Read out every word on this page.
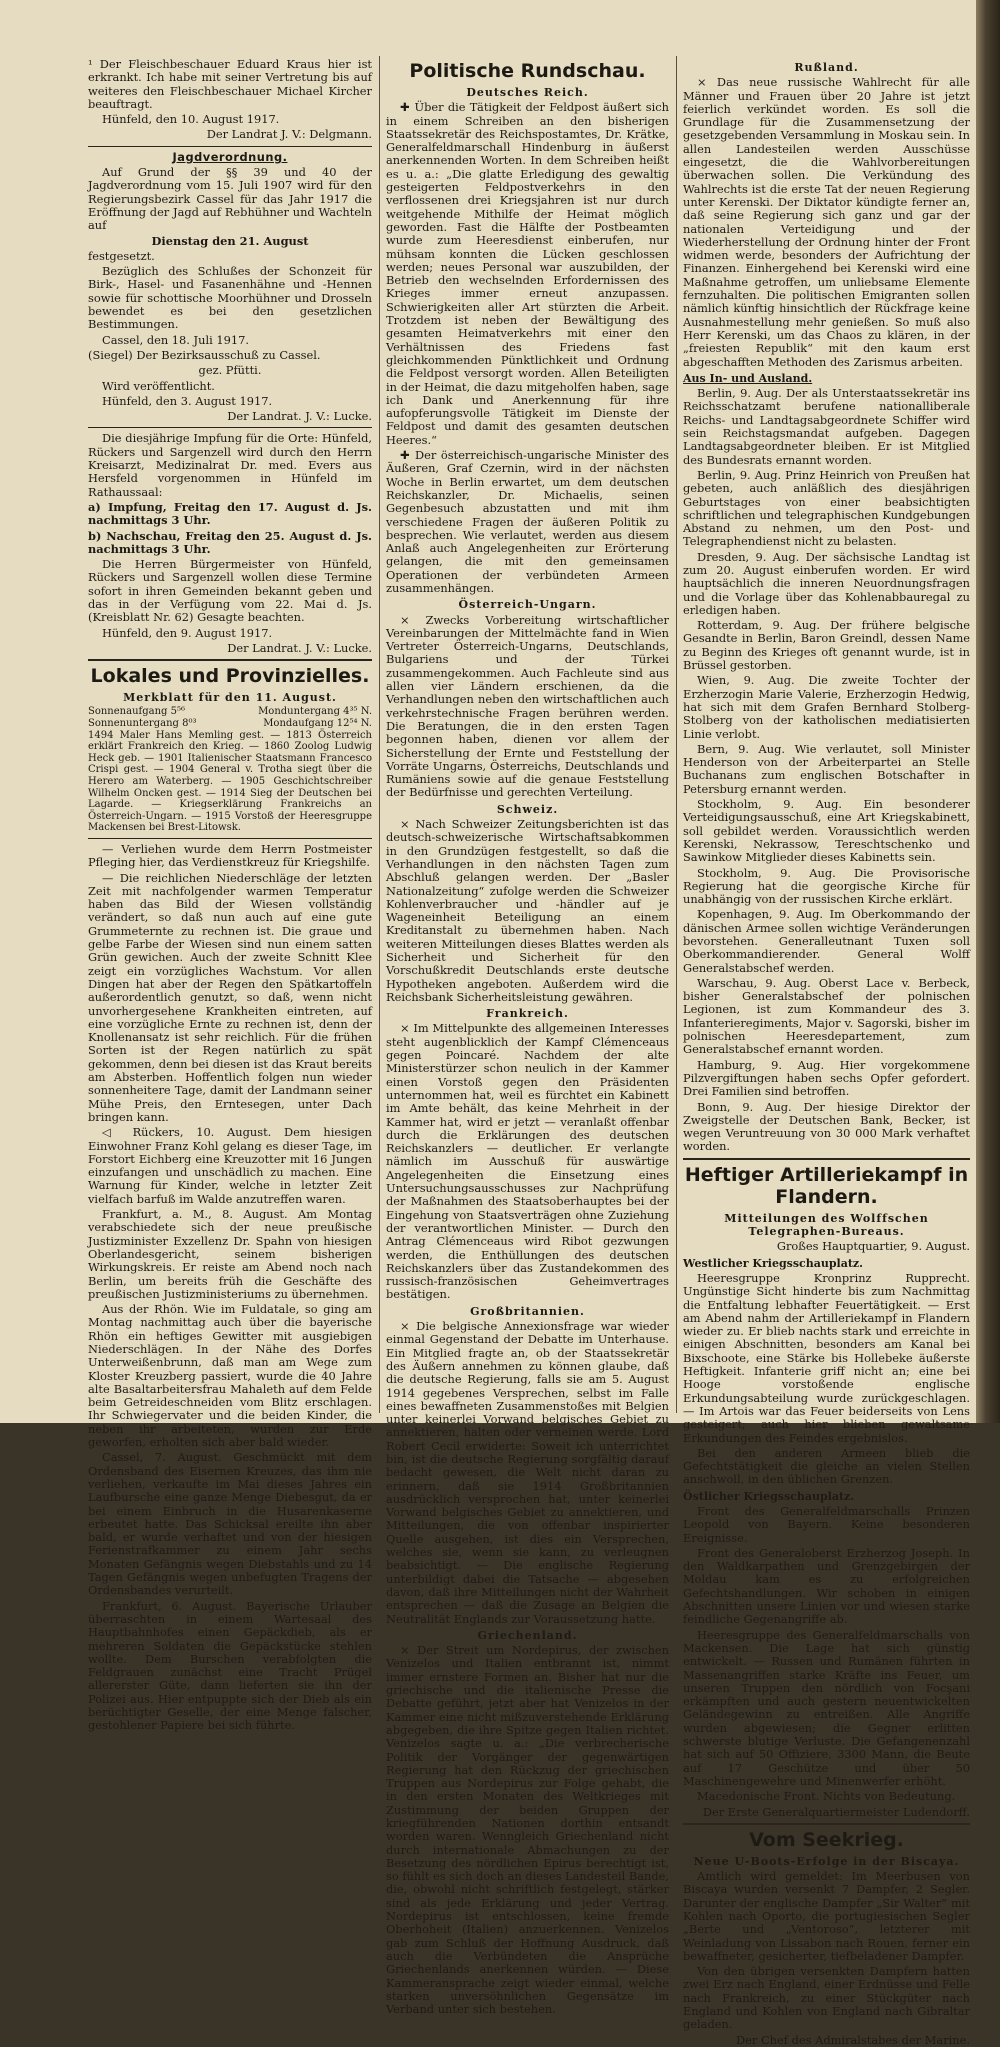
¹ Der Fleischbeschauer Eduard Kraus hier ist erkrankt. Ich habe mit seiner Vertretung bis auf weiteres den Fleischbeschauer Michael Kircher beauftragt.

Hünfeld, den 10. August 1917.

Der Landrat J. V.: Delgmann.

Jagdverordnung.

Auf Grund der §§ 39 und 40 der Jagdverordnung vom 15. Juli 1907 wird für den Regierungsbezirk Cassel für das Jahr 1917 die Eröffnung der Jagd auf Rebhühner und Wachteln auf

Dienstag den 21. August

festgesetzt.

Bezüglich des Schlußes der Schonzeit für Birk-, Hasel- und Fasanenhähne und -Hennen sowie für schottische Moorhühner und Drosseln bewendet es bei den gesetzlichen Bestimmungen.

Cassel, den 18. Juli 1917.

(Siegel) Der Bezirksausschuß zu Cassel.

gez. Pfütti.

Wird veröffentlicht.

Hünfeld, den 3. August 1917.

Der Landrat. J. V.: Lucke.

Die diesjährige Impfung für die Orte: Hünfeld, Rückers und Sargenzell wird durch den Herrn Kreisarzt, Medizinalrat Dr. med. Evers aus Hersfeld vorgenommen in Hünfeld im Rathaussaal:

a) Impfung, Freitag den 17. August d. Js. nachmittags 3 Uhr.

b) Nachschau, Freitag den 25. August d. Js. nachmittags 3 Uhr.

Die Herren Bürgermeister von Hünfeld, Rückers und Sargenzell wollen diese Termine sofort in ihren Gemeinden bekannt geben und das in der Verfügung vom 22. Mai d. Js. (Kreisblatt Nr. 62) Gesagte beachten.

Hünfeld, den 9. August 1917.

Der Landrat. J. V.: Lucke.

Lokales und Provinzielles.
Merkblatt für den 11. August.
Sonnenaufgang 5⁵⁶	Monduntergang 4³⁵ N.
Sonnenuntergang 8⁰³	Mondaufgang 12⁵⁴ N.

1494 Maler Hans Memling gest. — 1813 Österreich erklärt Frankreich den Krieg. — 1860 Zoolog Ludwig Heck geb. — 1901 Italienischer Staatsmann Francesco Crispi gest. — 1904 General v. Trotha siegt über die Herero am Waterberg. — 1905 Geschichtschreiber Wilhelm Oncken gest. — 1914 Sieg der Deutschen bei Lagarde. — Kriegserklärung Frankreichs an Österreich-Ungarn. — 1915 Vorstoß der Heeresgruppe Mackensen bei Brest-Litowsk.

— Verliehen wurde dem Herrn Postmeister Pfleging hier, das Verdienstkreuz für Kriegshilfe.

— Die reichlichen Niederschläge der letzten Zeit mit nachfolgender warmen Temperatur haben das Bild der Wiesen vollständig verändert, so daß nun auch auf eine gute Grummeternte zu rechnen ist. Die graue und gelbe Farbe der Wiesen sind nun einem satten Grün gewichen. Auch der zweite Schnitt Klee zeigt ein vorzügliches Wachstum. Vor allen Dingen hat aber der Regen den Spätkartoffeln außerordentlich genutzt, so daß, wenn nicht unvorhergesehene Krankheiten eintreten, auf eine vorzügliche Ernte zu rechnen ist, denn der Knollenansatz ist sehr reichlich. Für die frühen Sorten ist der Regen natürlich zu spät gekommen, denn bei diesen ist das Kraut bereits am Absterben. Hoffentlich folgen nun wieder sonnenheitere Tage, damit der Landmann seiner Mühe Preis, den Erntesegen, unter Dach bringen kann.

◁ Rückers, 10. August. Dem hiesigen Einwohner Franz Kohl gelang es dieser Tage, im Forstort Eichberg eine Kreuzotter mit 16 Jungen einzufangen und unschädlich zu machen. Eine Warnung für Kinder, welche in letzter Zeit vielfach barfuß im Walde anzutreffen waren.

Frankfurt, a. M., 8. August. Am Montag verabschiedete sich der neue preußische Justizminister Exzellenz Dr. Spahn von hiesigen Oberlandesgericht, seinem bisherigen Wirkungskreis. Er reiste am Abend noch nach Berlin, um bereits früh die Geschäfte des preußischen Justizministeriums zu übernehmen.

Aus der Rhön. Wie im Fuldatale, so ging am Montag nachmittag auch über die bayerische Rhön ein heftiges Gewitter mit ausgiebigen Niederschlägen. In der Nähe des Dorfes Unterweißenbrunn, daß man am Wege zum Kloster Kreuzberg passiert, wurde die 40 Jahre alte Basaltarbeitersfrau Mahaleth auf dem Felde beim Getreideschneiden vom Blitz erschlagen. Ihr Schwiegervater und die beiden Kinder, die neben ihr arbeiteten, wurden zur Erde geworfen, erholten sich aber bald wieder.

Cassel, 7. August. Geschmückt mit dem Ordensband des Eisernen Kreuzes, das ihm nie verliehen, verkaufte im Mai dieses Jahres ein Laufbursche eine ganze Menge Diebesgut, da er bei einem Einbruch in die Husarenkaserne erbeutet hatte. Das Schicksal ereilte ihn aber bald, er wurde verhaftet und von der hiesigen Ferienstrafkammer zu einem Jahr sechs Monaten Gefängnis wegen Diebstahls und zu 14 Tagen Gefängnis wegen unbefugten Tragens der Ordensbandes verurteilt.

Frankfurt, 6. August. Bayerische Urlauber überraschten in einem Wartesaal des Hauptbahnhofes einen Gepäckdieb, als er mehreren Soldaten die Gepäckstücke stehlen wollte. Dem Burschen verabfolgten die Feldgrauen zunächst eine Tracht Prügel allererster Güte, dann lieferten sie ihn der Polizei aus. Hier entpuppte sich der Dieb als ein berüchtigter Geselle, der eine Menge falscher, gestohlener Papiere bei sich führte.

Politische Rundschau.
Deutsches Reich.

✚ Über die Tätigkeit der Feldpost äußert sich in einem Schreiben an den bisherigen Staatssekretär des Reichspostamtes, Dr. Krätke, Generalfeldmarschall Hindenburg in äußerst anerkennenden Worten. In dem Schreiben heißt es u. a.: „Die glatte Erledigung des gewaltig gesteigerten Feldpostverkehrs in den verflossenen drei Kriegsjahren ist nur durch weitgehende Mithilfe der Heimat möglich geworden. Fast die Hälfte der Postbeamten wurde zum Heeresdienst einberufen, nur mühsam konnten die Lücken geschlossen werden; neues Personal war auszubilden, der Betrieb den wechselnden Erfordernissen des Krieges immer erneut anzupassen. Schwierigkeiten aller Art stürzten die Arbeit. Trotzdem ist neben der Bewältigung des gesamten Heimatverkehrs mit einer den Verhältnissen des Friedens fast gleichkommenden Pünktlichkeit und Ordnung die Feldpost versorgt worden. Allen Beteiligten in der Heimat, die dazu mitgeholfen haben, sage ich Dank und Anerkennung für ihre aufopferungsvolle Tätigkeit im Dienste der Feldpost und damit des gesamten deutschen Heeres.“

✚ Der österreichisch-ungarische Minister des Äußeren, Graf Czernin, wird in der nächsten Woche in Berlin erwartet, um dem deutschen Reichskanzler, Dr. Michaelis, seinen Gegenbesuch abzustatten und mit ihm verschiedene Fragen der äußeren Politik zu besprechen. Wie verlautet, werden aus diesem Anlaß auch Angelegenheiten zur Erörterung gelangen, die mit den gemeinsamen Operationen der verbündeten Armeen zusammenhängen.

Österreich-Ungarn.

× Zwecks Vorbereitung wirtschaftlicher Vereinbarungen der Mittelmächte fand in Wien Vertreter Österreich-Ungarns, Deutschlands, Bulgariens und der Türkei zusammengekommen. Auch Fachleute sind aus allen vier Ländern erschienen, da die Verhandlungen neben den wirtschaftlichen auch verkehrstechnische Fragen berühren werden. Die Beratungen, die in den ersten Tagen begonnen haben, dienen vor allem der Sicherstellung der Ernte und Feststellung der Vorräte Ungarns, Österreichs, Deutschlands und Rumäniens sowie auf die genaue Feststellung der Bedürfnisse und gerechten Verteilung.

Schweiz.

× Nach Schweizer Zeitungsberichten ist das deutsch-schweizerische Wirtschaftsabkommen in den Grundzügen festgestellt, so daß die Verhandlungen in den nächsten Tagen zum Abschluß gelangen werden. Der „Basler Nationalzeitung“ zufolge werden die Schweizer Kohlenverbraucher und -händler auf je Wageneinheit Beteiligung an einem Kreditanstalt zu übernehmen haben. Nach weiteren Mitteilungen dieses Blattes werden als Sicherheit und Sicherheit für den Vorschußkredit Deutschlands erste deutsche Hypotheken angeboten. Außerdem wird die Reichsbank Sicherheitsleistung gewähren.

Frankreich.

× Im Mittelpunkte des allgemeinen Interesses steht augenblicklich der Kampf Clémenceaus gegen Poincaré. Nachdem der alte Ministerstürzer schon neulich in der Kammer einen Vorstoß gegen den Präsidenten unternommen hat, weil es fürchtet ein Kabinett im Amte behält, das keine Mehrheit in der Kammer hat, wird er jetzt — veranlaßt offenbar durch die Erklärungen des deutschen Reichskanzlers — deutlicher. Er verlangte nämlich im Ausschuß für auswärtige Angelegenheiten die Einsetzung eines Untersuchungsausschusses zur Nachprüfung der Maßnahmen des Staatsoberhauptes bei der Eingehung von Staatsverträgen ohne Zuziehung der verantwortlichen Minister. — Durch den Antrag Clémenceaus wird Ribot gezwungen werden, die Enthüllungen des deutschen Reichskanzlers über das Zustandekommen des russisch-französischen Geheimvertrages bestätigen.

Großbritannien.

× Die belgische Annexionsfrage war wieder einmal Gegenstand der Debatte im Unterhause. Ein Mitglied fragte an, ob der Staatssekretär des Äußern annehmen zu können glaube, daß die deutsche Regierung, falls sie am 5. August 1914 gegebenes Versprechen, selbst im Falle eines bewaffneten Zusammenstoßes mit Belgien unter keinerlei Vorwand belgisches Gebiet zu annektieren, halten oder verneinen werde. Lord Robert Cecil erwiderte: Soweit ich unterrichtet bin, ist die deutsche Regierung sorgfältig darauf bedacht gewesen, die Welt nicht daran zu erinnern, daß sie 1914 Großbritannien ausdrücklich versprochen hat, unter keinerlei Vorwand belgisches Gebiet zu annektieren, und Mitteilungen, die von offenbar inspirierter Quelle ausgehen, ist dies ein Versprechen, welches sie, wenn sie kann, zu verleugnen beabsichtigt. — Die englische Regierung unterbildigt dabei die Tatsache — abgesehen davon, daß ihre Mitteilungen nicht der Wahrheit entsprechen — daß die Zusage an Belgien die Neutralität Englands zur Voraussetzung hatte.

Griechenland.

× Der Streit um Nordepirus, der zwischen Venizelos und Italien entbrannt ist, nimmt immer ernstere Formen an. Bisher hat nur die griechische und die italienische Presse die Debatte geführt, jetzt aber hat Venizelos in der Kammer eine nicht mißzuverstehende Erklärung abgegeben, die ihre Spitze gegen Italien richtet. Venizelos sagte u. a.: „Die verbrecherische Politik der Vorgänger der gegenwärtigen Regierung hat den Rückzug der griechischen Truppen aus Nordepirus zur Folge gehabt, die in den ersten Monaten des Weltkrieges mit Zustimmung der beiden Gruppen der kriegführenden Nationen dorthin entsandt worden waren. Wenngleich Griechenland nicht durch internationale Abmachungen zu der Besetzung des nördlichen Epirus berechtigt ist, so fühlt es sich doch an dieses Landesteil Bande, die, obwohl nicht schriftlich festgelegt, stärker sind als jede Erklärung und jeder Vertrag. Nordepirus ist entschlossen, keine fremde Oberhoheit (Italien) anzuerkennen. Venizelos gab zum Schluß der Hoffnung Ausdruck, daß auch die Verbündeten die Ansprüche Griechenlands anerkennen würden. — Diese Kammeransprache zeigt wieder einmal, welche starken unversöhnlichen Gegensätze im Verband unter sich bestehen.

Rußland.

× Das neue russische Wahlrecht für alle Männer und Frauen über 20 Jahre ist jetzt feierlich verkündet worden. Es soll die Grundlage für die Zusammensetzung der gesetzgebenden Versammlung in Moskau sein. In allen Landesteilen werden Ausschüsse eingesetzt, die die Wahlvorbereitungen überwachen sollen. Die Verkündung des Wahlrechts ist die erste Tat der neuen Regierung unter Kerenski. Der Diktator kündigte ferner an, daß seine Regierung sich ganz und gar der nationalen Verteidigung und der Wiederherstellung der Ordnung hinter der Front widmen werde, besonders der Aufrichtung der Finanzen. Einhergehend bei Kerenski wird eine Maßnahme getroffen, um unliebsame Elemente fernzuhalten. Die politischen Emigranten sollen nämlich künftig hinsichtlich der Rückfrage keine Ausnahmestellung mehr genießen. So muß also Herr Kerenski, um das Chaos zu klären, in der „freiesten Republik“ mit den kaum erst abgeschafften Methoden des Zarismus arbeiten.

Aus In- und Ausland.

Berlin, 9. Aug. Der als Unterstaatssekretär ins Reichsschatzamt berufene nationalliberale Reichs- und Landtagsabgeordnete Schiffer wird sein Reichstagsmandat aufgeben. Dagegen Landtagsabgeordneter bleiben. Er ist Mitglied des Bundesrats ernannt worden.

Berlin, 9. Aug. Prinz Heinrich von Preußen hat gebeten, auch anläßlich des diesjährigen Geburtstages von einer beabsichtigten schriftlichen und telegraphischen Kundgebungen Abstand zu nehmen, um den Post- und Telegraphendienst nicht zu belasten.

Dresden, 9. Aug. Der sächsische Landtag ist zum 20. August einberufen worden. Er wird hauptsächlich die inneren Neuordnungsfragen und die Vorlage über das Kohlenabbauregal zu erledigen haben.

Rotterdam, 9. Aug. Der frühere belgische Gesandte in Berlin, Baron Greindl, dessen Name zu Beginn des Krieges oft genannt wurde, ist in Brüssel gestorben.

Wien, 9. Aug. Die zweite Tochter der Erzherzogin Marie Valerie, Erzherzogin Hedwig, hat sich mit dem Grafen Bernhard Stolberg-Stolberg von der katholischen mediatisierten Linie verlobt.

Bern, 9. Aug. Wie verlautet, soll Minister Henderson von der Arbeiterpartei an Stelle Buchanans zum englischen Botschafter in Petersburg ernannt werden.

Stockholm, 9. Aug. Ein besonderer Verteidigungsausschuß, eine Art Kriegskabinett, soll gebildet werden. Voraussichtlich werden Kerenski, Nekrassow, Tereschtschenko und Sawinkow Mitglieder dieses Kabinetts sein.

Stockholm, 9. Aug. Die Provisorische Regierung hat die georgische Kirche für unabhängig von der russischen Kirche erklärt.

Kopenhagen, 9. Aug. Im Oberkommando der dänischen Armee sollen wichtige Veränderungen bevorstehen. Generalleutnant Tuxen soll Oberkommandierender. General Wolff Generalstabschef werden.

Warschau, 9. Aug. Oberst Lace v. Berbeck, bisher Generalstabschef der polnischen Legionen, ist zum Kommandeur des 3. Infanterieregiments, Major v. Sagorski, bisher im polnischen Heeresdepartement, zum Generalstabschef ernannt worden.

Hamburg, 9. Aug. Hier vorgekommene Pilzvergiftungen haben sechs Opfer gefordert. Drei Familien sind betroffen.

Bonn, 9. Aug. Der hiesige Direktor der Zweigstelle der Deutschen Bank, Becker, ist wegen Veruntreuung von 30 000 Mark verhaftet worden.

Heftiger Artilleriekampf in Flandern.
Mitteilungen des Wolffschen Telegraphen-Bureaus.

Großes Hauptquartier, 9. August.

Westlicher Kriegsschauplatz.

Heeresgruppe Kronprinz Rupprecht. Ungünstige Sicht hinderte bis zum Nachmittag die Entfaltung lebhafter Feuertätigkeit. — Erst am Abend nahm der Artilleriekampf in Flandern wieder zu. Er blieb nachts stark und erreichte in einigen Abschnitten, besonders am Kanal bei Bixschoote, eine Stärke bis Hollebeke äußerste Heftigkeit. Infanterie griff nicht an; eine bei Hooge vorstoßende englische Erkundungsabteilung wurde zurückgeschlagen. — Im Artois war das Feuer beiderseits von Lens gesteigert; auch hier blieben gewaltsame Erkundungen des Feindes ergebnislos.

Bei den anderen Armeen blieb die Gefechtstätigkeit die gleiche an vielen Stellen anschwoll, in den üblichen Grenzen.

Östlicher Kriegsschauplatz.

Front des Generalfeldmarschalls Prinzen Leopold von Bayern. Keine besonderen Ereignisse.

Front des Generaloberst Erzherzog Joseph. In den Waldkarpathen und Grenzgebirgen der Moldau kam es zu erfolgreichen Gefechtshandlungen. Wir schoben in einigen Abschnitten unsere Linien vor und wiesen starke feindliche Gegenangriffe ab.

Heeresgruppe des Generalfeldmarschalls von Mackensen. Die Lage hat sich günstig entwickelt. — Russen und Rumänen führten in Massenangriffen starke Kräfte ins Feuer, um unseren Truppen den nördlich von Focşani erkämpften und auch gestern neuentwickelten Geländegewinn zu entreißen. Alle Angriffe wurden abgewiesen; die Gegner erlitten schwerste blutige Verluste. Die Gefangenenzahl hat sich auf 50 Offiziere, 3300 Mann, die Beute auf 17 Geschütze und über 50 Maschinengewehre und Minenwerfer erhöht.

Macedonische Front. Nichts von Bedeutung.

Der Erste Generalquartiermeister Ludendorff.

Vom Seekrieg.
Neue U-Boots-Erfolge in der Biscaya.

Amtlich wird gemeldet: Im Meerbusen von Biscaya wurden versenkt 7 Dampfer, 2 Segler. Darunter der englische Dampfer „Sir Walter“ mit Kohlen nach Oporto, die portugiesischen Segler „Berte und „Ventoroso“, letzterer mit Weinladung von Lissabon nach Rouen, ferner ein bewaffneter, gesicherter, tiefbeladener Dampfer.

Von den übrigen versenkten Dampfern hatten zwei Erz nach England, einer Erdnüsse und Felle nach Frankreich, zu einer Stückgüter nach England und Kohlen von England nach Gibraltar geladen.

Der Chef des Admiralstabes der Marine.
